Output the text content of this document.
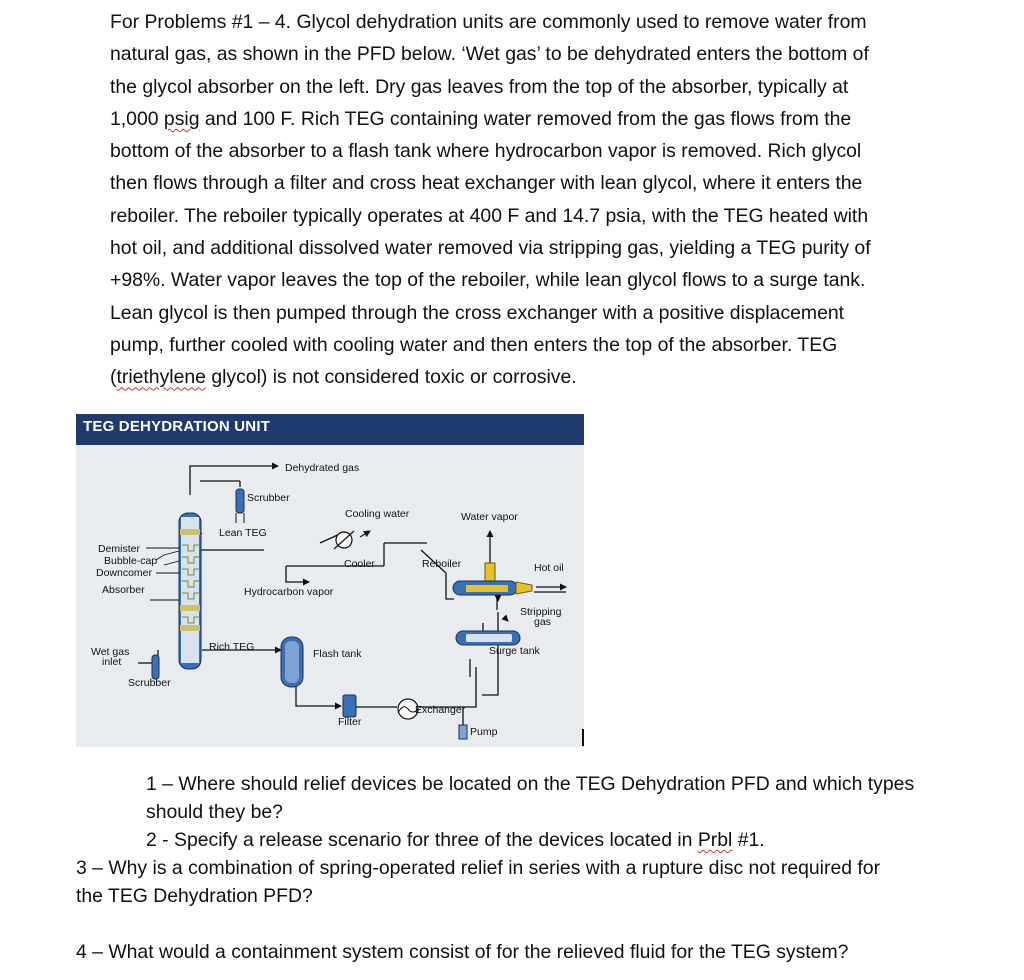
For Problems #1 – 4. Glycol dehydration units are commonly used to remove water from

natural gas, as shown in the PFD below. ‘Wet gas’ to be dehydrated enters the bottom of

the glycol absorber on the left. Dry gas leaves from the top of the absorber, typically at

1,000 psig and 100 F. Rich TEG containing water removed from the gas flows from the

bottom of the absorber to a flash tank where hydrocarbon vapor is removed. Rich glycol

then flows through a filter and cross heat exchanger with lean glycol, where it enters the

reboiler. The reboiler typically operates at 400 F and 14.7 psia, with the TEG heated with

hot oil, and additional dissolved water removed via stripping gas, yielding a TEG purity of

+98%. Water vapor leaves the top of the reboiler, while lean glycol flows to a surge tank.

Lean glycol is then pumped through the cross exchanger with a positive displacement

pump, further cooled with cooling water and then enters the top of the absorber. TEG

(triethylene glycol) is not considered toxic or corrosive.

TEG DEHYDRATION UNIT
Dehydrated gas
Scrubber
Cooling water	Water vapor
Demister
Lean TEG
Bubble-cap
Downcomer
Cooler	Reboiler	Hot oil
Absorber	Hydrocarbon vapor
Stripping
gas
Wet gas
inlet
Rich TEG
Flash tank	Surge tank
Scrubber
Exchanger
Filter
Pump

1 – Where should relief devices be located on the TEG Dehydration PFD and which types
should they be?

2 - Specify a release scenario for three of the devices located in Prbl #1.

3 – Why is a combination of spring-operated relief in series with a rupture disc not required for
the TEG Dehydration PFD?

4 – What would a containment system consist of for the relieved fluid for the TEG system?
